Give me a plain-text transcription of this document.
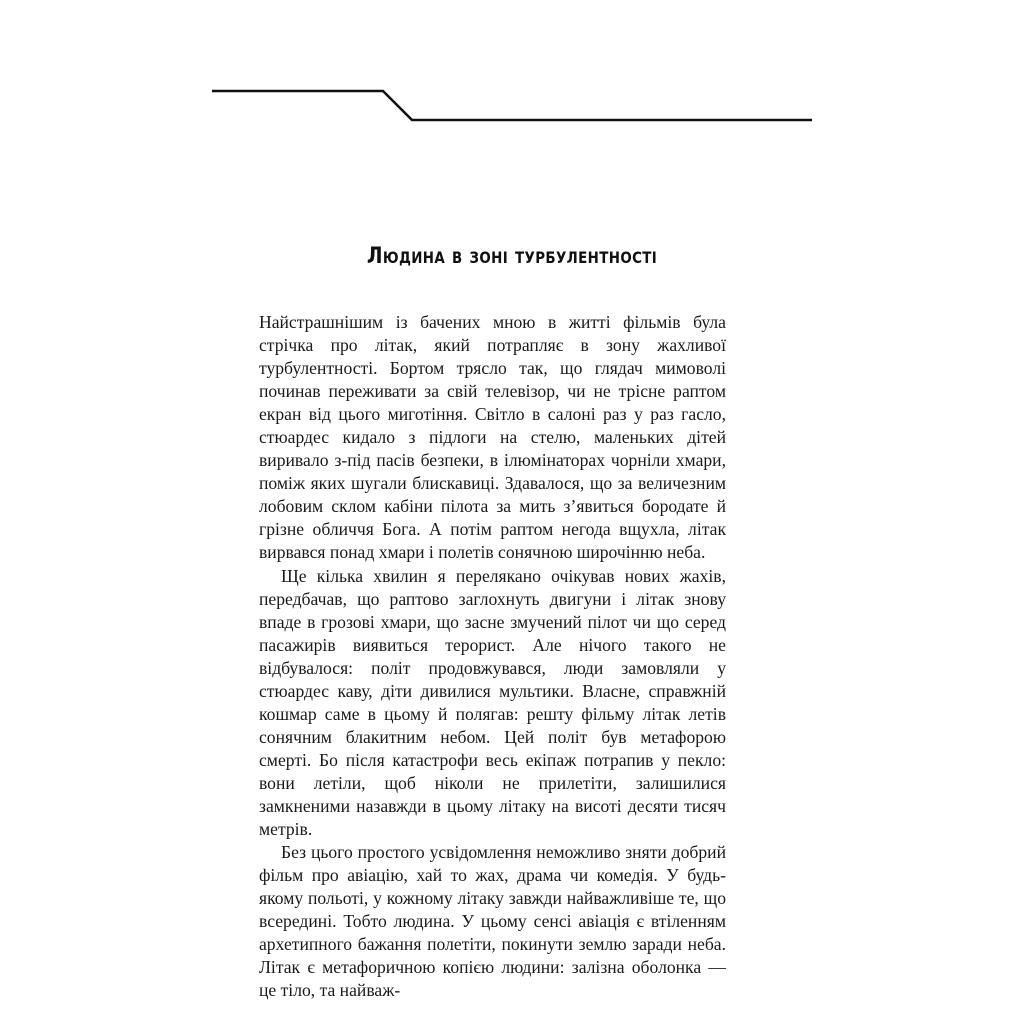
Людина в зоні турбулентності

Найстрашнішим із бачених мною в житті фільмів була стрічка про літак, який потрапляє в зону жахливої турбулентності. Бортом трясло так, що глядач мимоволі починав переживати за свій телевізор, чи не трісне раптом екран від цього миготіння. Світло в салоні раз у раз гасло, стюардес кидало з підлоги на стелю, маленьких дітей виривало з-під пасів безпеки, в ілюмінаторах чорніли хмари, поміж яких шугали блискавиці. Здавалося, що за величезним лобовим склом кабіни пілота за мить з’явиться бородате й грізне обличчя Бога. А потім раптом негода вщухла, літак вирвався понад хмари і полетів сонячною широчінню неба.

Ще кілька хвилин я перелякано очікував нових жахів, передбачав, що раптово заглохнуть двигуни і літак знову впаде в грозові хмари, що засне змучений пілот чи що серед пасажирів виявиться терорист. Але нічого такого не відбувалося: політ продовжувався, люди замовляли у стюардес каву, діти дивилися мультики. Власне, справжній кошмар саме в цьому й полягав: решту фільму літак летів сонячним блакитним небом. Цей політ був метафорою смерті. Бо після катастрофи весь екіпаж потрапив у пекло: вони летіли, щоб ніколи не прилетіти, залишилися замкненими назавжди в цьому літаку на висоті десяти тисяч метрів.

Без цього простого усвідомлення неможливо зняти добрий фільм про авіацію, хай то жах, драма чи комедія. У будь-якому польоті, у кожному літаку завжди найважливіше те, що всередині. Тобто людина. У цьому сенсі авіація є втіленням архетипного бажання полетіти, покинути землю заради неба. Літак є метафоричною копією людини: залізна оболонка — це тіло, та найваж-
